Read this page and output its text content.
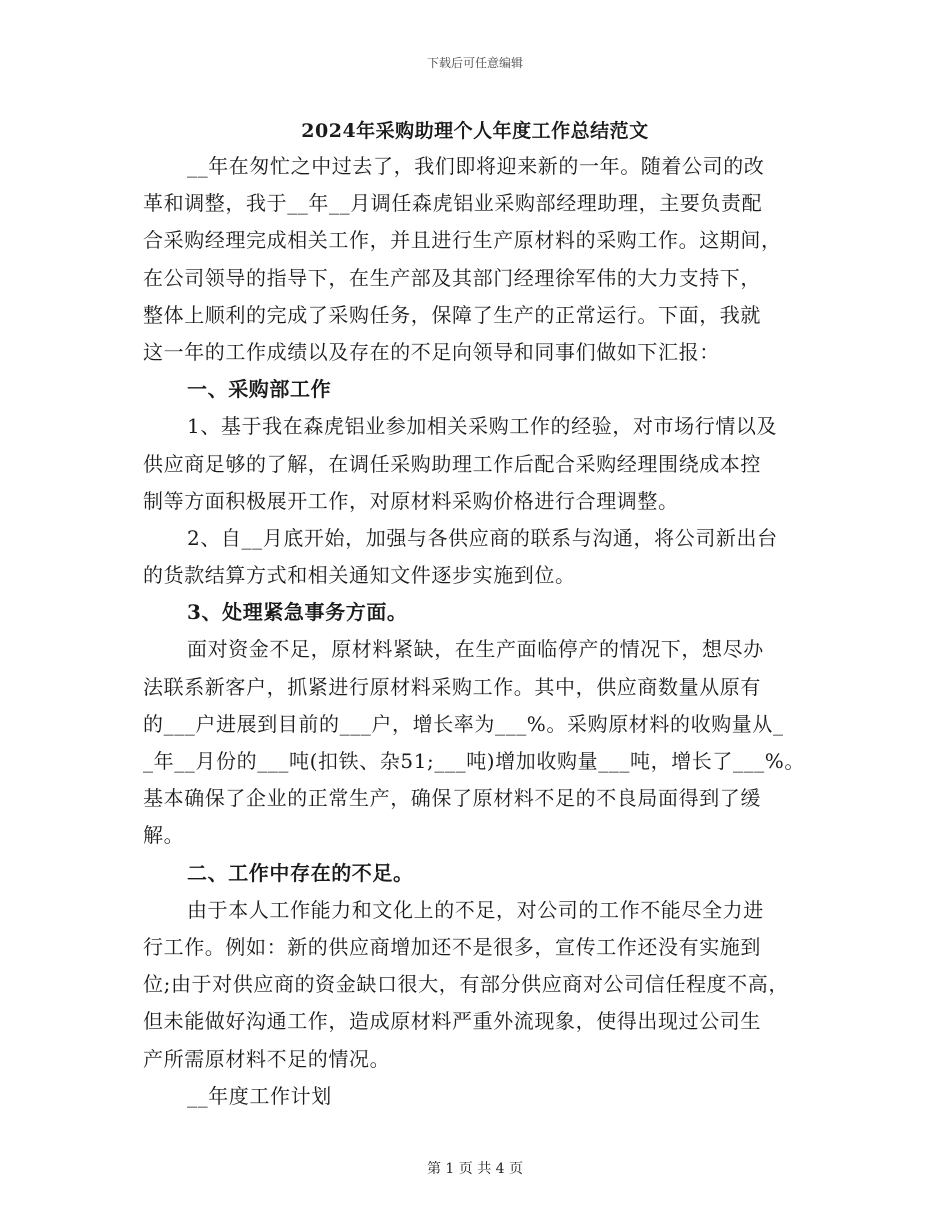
下载后可任意编辑
2024年采购助理个人年度工作总结范文
__年在匆忙之中过去了，我们即将迎来新的一年。随着公司的改
革和调整，我于__年__月调任森虎铝业采购部经理助理，主要负责配
合采购经理完成相关工作，并且进行生产原材料的采购工作。这期间，
在公司领导的指导下，在生产部及其部门经理徐军伟的大力支持下，
整体上顺利的完成了采购任务，保障了生产的正常运行。下面，我就
这一年的工作成绩以及存在的不足向领导和同事们做如下汇报：
一、采购部工作
1、基于我在森虎铝业参加相关采购工作的经验，对市场行情以及
供应商足够的了解，在调任采购助理工作后配合采购经理围绕成本控
制等方面积极展开工作，对原材料采购价格进行合理调整。
2、自__月底开始，加强与各供应商的联系与沟通，将公司新出台
的货款结算方式和相关通知文件逐步实施到位。
3、处理紧急事务方面。
面对资金不足，原材料紧缺，在生产面临停产的情况下，想尽办
法联系新客户，抓紧进行原材料采购工作。其中，供应商数量从原有
的___户进展到目前的___户，增长率为___%。采购原材料的收购量从_
_年__月份的___吨(扣铁、杂51;___吨)增加收购量___吨，增长了___%。
基本确保了企业的正常生产，确保了原材料不足的不良局面得到了缓
解。
二、工作中存在的不足。
由于本人工作能力和文化上的不足，对公司的工作不能尽全力进
行工作。例如：新的供应商增加还不是很多，宣传工作还没有实施到
位;由于对供应商的资金缺口很大，有部分供应商对公司信任程度不高，
但未能做好沟通工作，造成原材料严重外流现象，使得出现过公司生
产所需原材料不足的情况。
__年度工作计划
第 1 页 共 4 页
